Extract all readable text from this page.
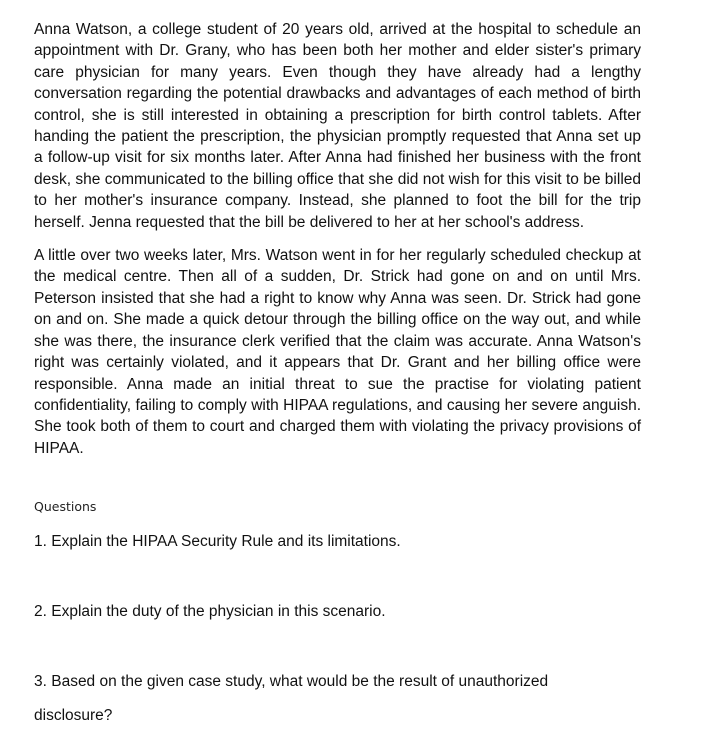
Anna Watson, a college student of 20 years old, arrived at the hospital to schedule an appointment with Dr. Grany, who has been both her mother and elder sister's primary care physician for many years. Even though they have already had a lengthy conversation regarding the potential drawbacks and advantages of each method of birth control, she is still interested in obtaining a prescription for birth control tablets. After handing the patient the prescription, the physician promptly requested that Anna set up a follow-up visit for six months later. After Anna had finished her business with the front desk, she communicated to the billing office that she did not wish for this visit to be billed to her mother's insurance company. Instead, she planned to foot the bill for the trip herself. Jenna requested that the bill be delivered to her at her school's address.

A little over two weeks later, Mrs. Watson went in for her regularly scheduled checkup at the medical centre. Then all of a sudden, Dr. Strick had gone on and on until Mrs. Peterson insisted that she had a right to know why Anna was seen. Dr. Strick had gone on and on. She made a quick detour through the billing office on the way out, and while she was there, the insurance clerk verified that the claim was accurate. Anna Watson's right was certainly violated, and it appears that Dr. Grant and her billing office were responsible. Anna made an initial threat to sue the practise for violating patient confidentiality, failing to comply with HIPAA regulations, and causing her severe anguish. She took both of them to court and charged them with violating the privacy provisions of HIPAA.

Questions

1. Explain the HIPAA Security Rule and its limitations.

2. Explain the duty of the physician in this scenario.

3. Based on the given case study, what would be the result of unauthorized

disclosure?
